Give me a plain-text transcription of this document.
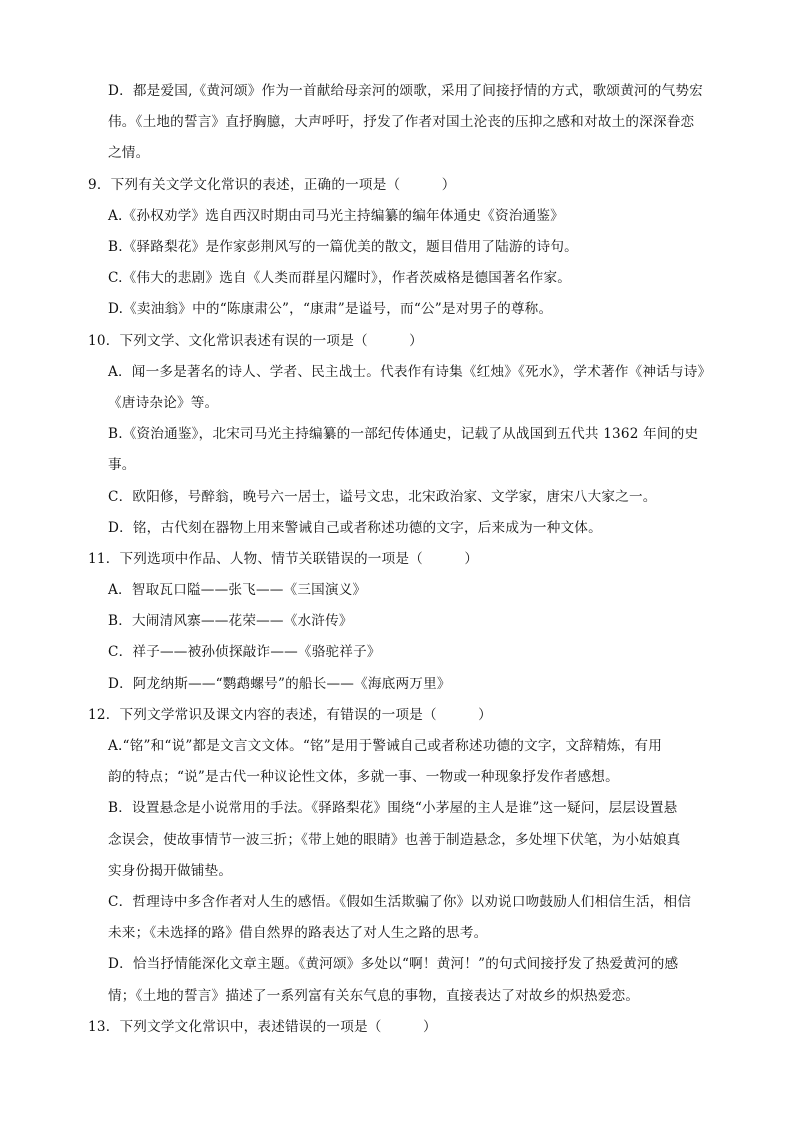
D．都是爱国,《黄河颂》作为一首献给母亲河的颂歌，采用了间接抒情的方式，歌颂黄河的气势宏
伟。《土地的誓言》直抒胸臆，大声呼吁，抒发了作者对国土沦丧的压抑之感和对故土的深深眷恋
之情。
9．下列有关文学文化常识的表述，正确的一项是（　　　）
A.《孙权劝学》选自西汉时期由司马光主持编纂的编年体通史《资治通鉴》
B.《驿路梨花》是作家彭荆风写的一篇优美的散文，题目借用了陆游的诗句。
C.《伟大的悲剧》选自《人类而群星闪耀时》，作者茨威格是德国著名作家。
D.《卖油翁》中的“陈康肃公”，“康肃”是谥号，而“公”是对男子的尊称。
10．下列文学、文化常识表述有误的一项是（　　　）
A．闻一多是著名的诗人、学者、民主战士。代表作有诗集《红烛》《死水》，学术著作《神话与诗》
《唐诗杂论》等。
B.《资治通鉴》，北宋司马光主持编纂的一部纪传体通史，记载了从战国到五代共 1362 年间的史
事。
C．欧阳修，号醉翁，晚号六一居士，谥号文忠，北宋政治家、文学家，唐宋八大家之一。
D．铭，古代刻在器物上用来警诫自己或者称述功德的文字，后来成为一种文体。
11．下列选项中作品、人物、情节关联错误的一项是（　　　）
A．智取瓦口隘——张飞——《三国演义》
B．大闹清风寨——花荣——《水浒传》
C．祥子——被孙侦探敲诈——《骆驼祥子》
D．阿龙纳斯——“鹦鹉螺号”的船长——《海底两万里》
12．下列文学常识及课文内容的表述，有错误的一项是（　　　）
A.“铭”和“说”都是文言文文体。“铭”是用于警诫自己或者称述功德的文字，文辞精炼，有用
韵的特点；“说”是古代一种议论性文体，多就一事、一物或一种现象抒发作者感想。
B．设置悬念是小说常用的手法。《驿路梨花》围绕“小茅屋的主人是谁”这一疑问，层层设置悬
念误会，使故事情节一波三折；《带上她的眼睛》也善于制造悬念，多处埋下伏笔，为小姑娘真
实身份揭开做铺垫。
C．哲理诗中多含作者对人生的感悟。《假如生活欺骗了你》以劝说口吻鼓励人们相信生活，相信
未来；《未选择的路》借自然界的路表达了对人生之路的思考。
D．恰当抒情能深化文章主题。《黄河颂》多处以“啊！黄河！”的句式间接抒发了热爱黄河的感
情；《土地的誓言》描述了一系列富有关东气息的事物，直接表达了对故乡的炽热爱恋。
13．下列文学文化常识中，表述错误的一项是（　　　）
